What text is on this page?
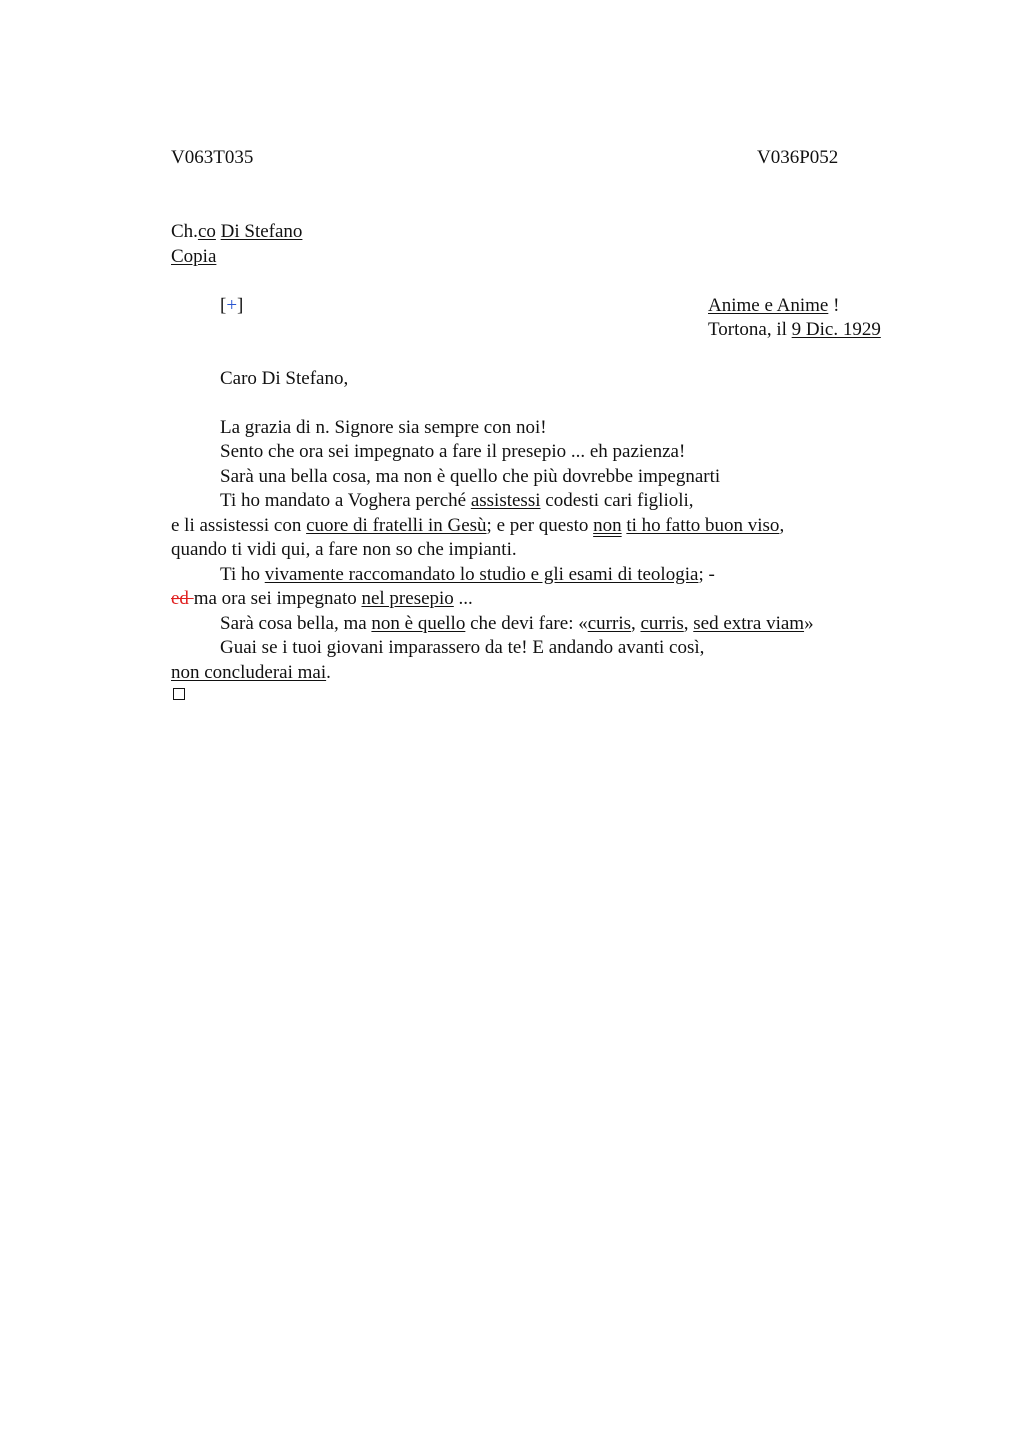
V063T035	V036P052
Ch.co Di Stefano
Copia
[+]	Anime e Anime !
Tortona, il 9 Dic. 1929
Caro Di Stefano,
La grazia di n. Signore sia sempre con noi!
Sento che ora sei impegnato a fare il presepio ... eh pazienza!
Sarà una bella cosa, ma non è quello che più dovrebbe impegnarti
Ti ho mandato a Voghera perché assistessi codesti cari figlioli,
e li assistessi con cuore di fratelli in Gesù; e per questo non ti ho fatto buon viso,
quando ti vidi qui, a fare non so che impianti.
Ti ho vivamente raccomandato lo studio e gli esami di teologia; -
ed ma ora sei impegnato nel presepio ...
Sarà cosa bella, ma non è quello che devi fare: «curris, curris, sed extra viam»
Guai se i tuoi giovani imparassero da te! E andando avanti così,
non concluderai mai.
